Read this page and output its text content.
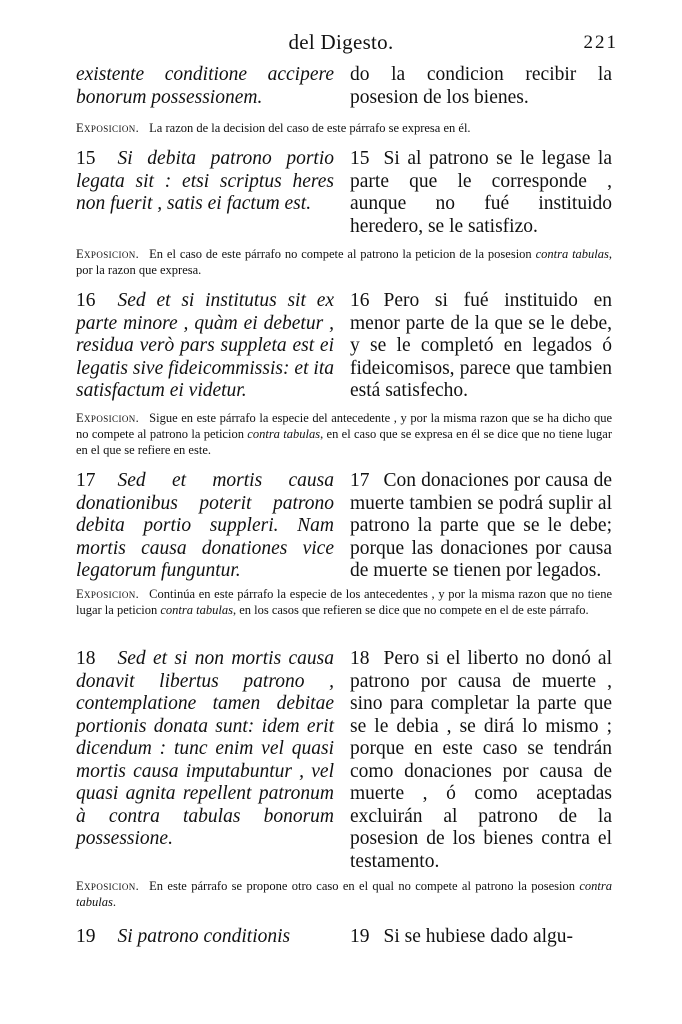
del Digesto.	221
existente conditione accipere bonorum possessionem.
do la condicion recibir la posesion de los bienes.
Exposicion. La razon de la decision del caso de este párrafo se expresa en él.
15 Si debita patrono portio legata sit : etsi scriptus heres non fuerit , satis ei factum est.
15 Si al patrono se le legase la parte que le corresponde , aunque no fué instituido heredero, se le satisfizo.
Exposicion. En el caso de este párrafo no compete al patrono la peticion de la posesion contra tabulas, por la razon que expresa.
16 Sed et si institutus sit ex parte minore , quàm ei debetur , residua verò pars suppleta est ei legatis sive fideicommissis: et ita satisfactum ei videtur.
16 Pero si fué instituido en menor parte de la que se le debe, y se le completó en legados ó fideicomisos, parece que tambien está satisfecho.
Exposicion. Sigue en este párrafo la especie del antecedente , y por la misma razon que se ha dicho que no compete al patrono la peticion contra tabulas, en el caso que se expresa en él se dice que no tiene lugar en el que se refiere en este.
17 Sed et mortis causa donationibus poterit patrono debita portio suppleri. Nam mortis causa donationes vice legatorum funguntur.
17 Con donaciones por causa de muerte tambien se podrá suplir al patrono la parte que se le debe; porque las donaciones por causa de muerte se tienen por legados.
Exposicion. Continúa en este párrafo la especie de los antecedentes , y por la misma razon que no tiene lugar la peticion contra tabulas, en los casos que refieren se dice que no compete en el de este párrafo.
18 Sed et si non mortis causa donavit libertus patrono , contemplatione tamen debitae portionis donata sunt: idem erit dicendum : tunc enim vel quasi mortis causa imputabuntur , vel quasi agnita repellent patronum à contra tabulas bonorum possessione.
18 Pero si el liberto no donó al patrono por causa de muerte , sino para completar la parte que se le debia , se dirá lo mismo ; porque en este caso se tendrán como donaciones por causa de muerte , ó como aceptadas excluirán al patrono de la posesion de los bienes contra el testamento.
Exposicion. En este párrafo se propone otro caso en el qual no compete al patrono la posesion contra tabulas.
19 Si patrono conditionis	19 Si se hubiese dado algu-
